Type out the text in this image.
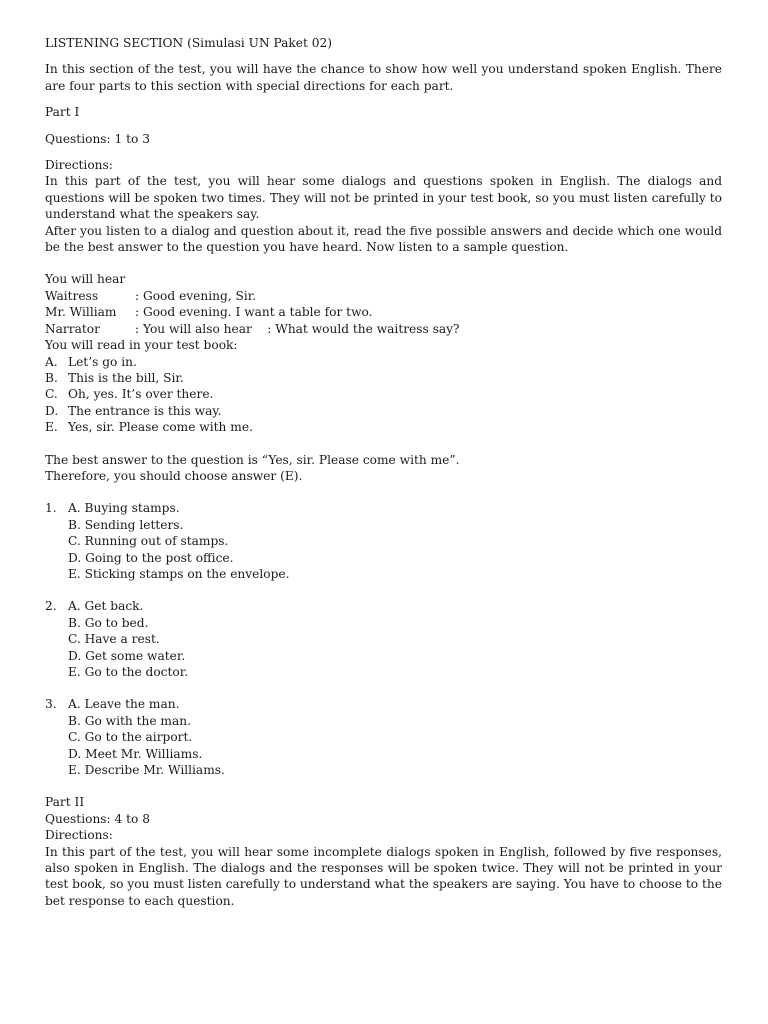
LISTENING SECTION (Simulasi UN Paket 02)

In this section of the test, you will have the chance to show how well you understand spoken English. There are four parts to this section with special directions for each part.

Part I

Questions: 1 to 3

Directions:

In this part of the test, you will hear some dialogs and questions spoken in English. The dialogs and questions will be spoken two times. They will not be printed in your test book, so you must listen carefully to understand what the speakers say.

After you listen to a dialog and question about it, read the five possible answers and decide which one would be the best answer to the question you have heard. Now listen to a sample question.

You will hear

Waitress	: Good evening, Sir.
Mr. William	: Good evening. I want a table for two.
Narrator	: You will also hear    : What would the waitress say?

You will read in your test book:

A. Let’s go in.
B. This is the bill, Sir.
C. Oh, yes. It’s over there.
D. The entrance is this way.
E. Yes, sir. Please come with me.

The best answer to the question is “Yes, sir. Please come with me”.

Therefore, you should choose answer (E).

1. A. Buying stamps.
B. Sending letters.
C. Running out of stamps.
D. Going to the post office.
E. Sticking stamps on the envelope.
2. A. Get back.
B. Go to bed.
C. Have a rest.
D. Get some water.
E. Go to the doctor.
3. A. Leave the man.
B. Go with the man.
C. Go to the airport.
D. Meet Mr. Williams.
E. Describe Mr. Williams.

Part II

Questions: 4 to 8

Directions:

In this part of the test, you will hear some incomplete dialogs spoken in English, followed by five responses, also spoken in English. The dialogs and the responses will be spoken twice. They will not be printed in your test book, so you must listen carefully to understand what the speakers are saying. You have to choose to the bet response to each question.
